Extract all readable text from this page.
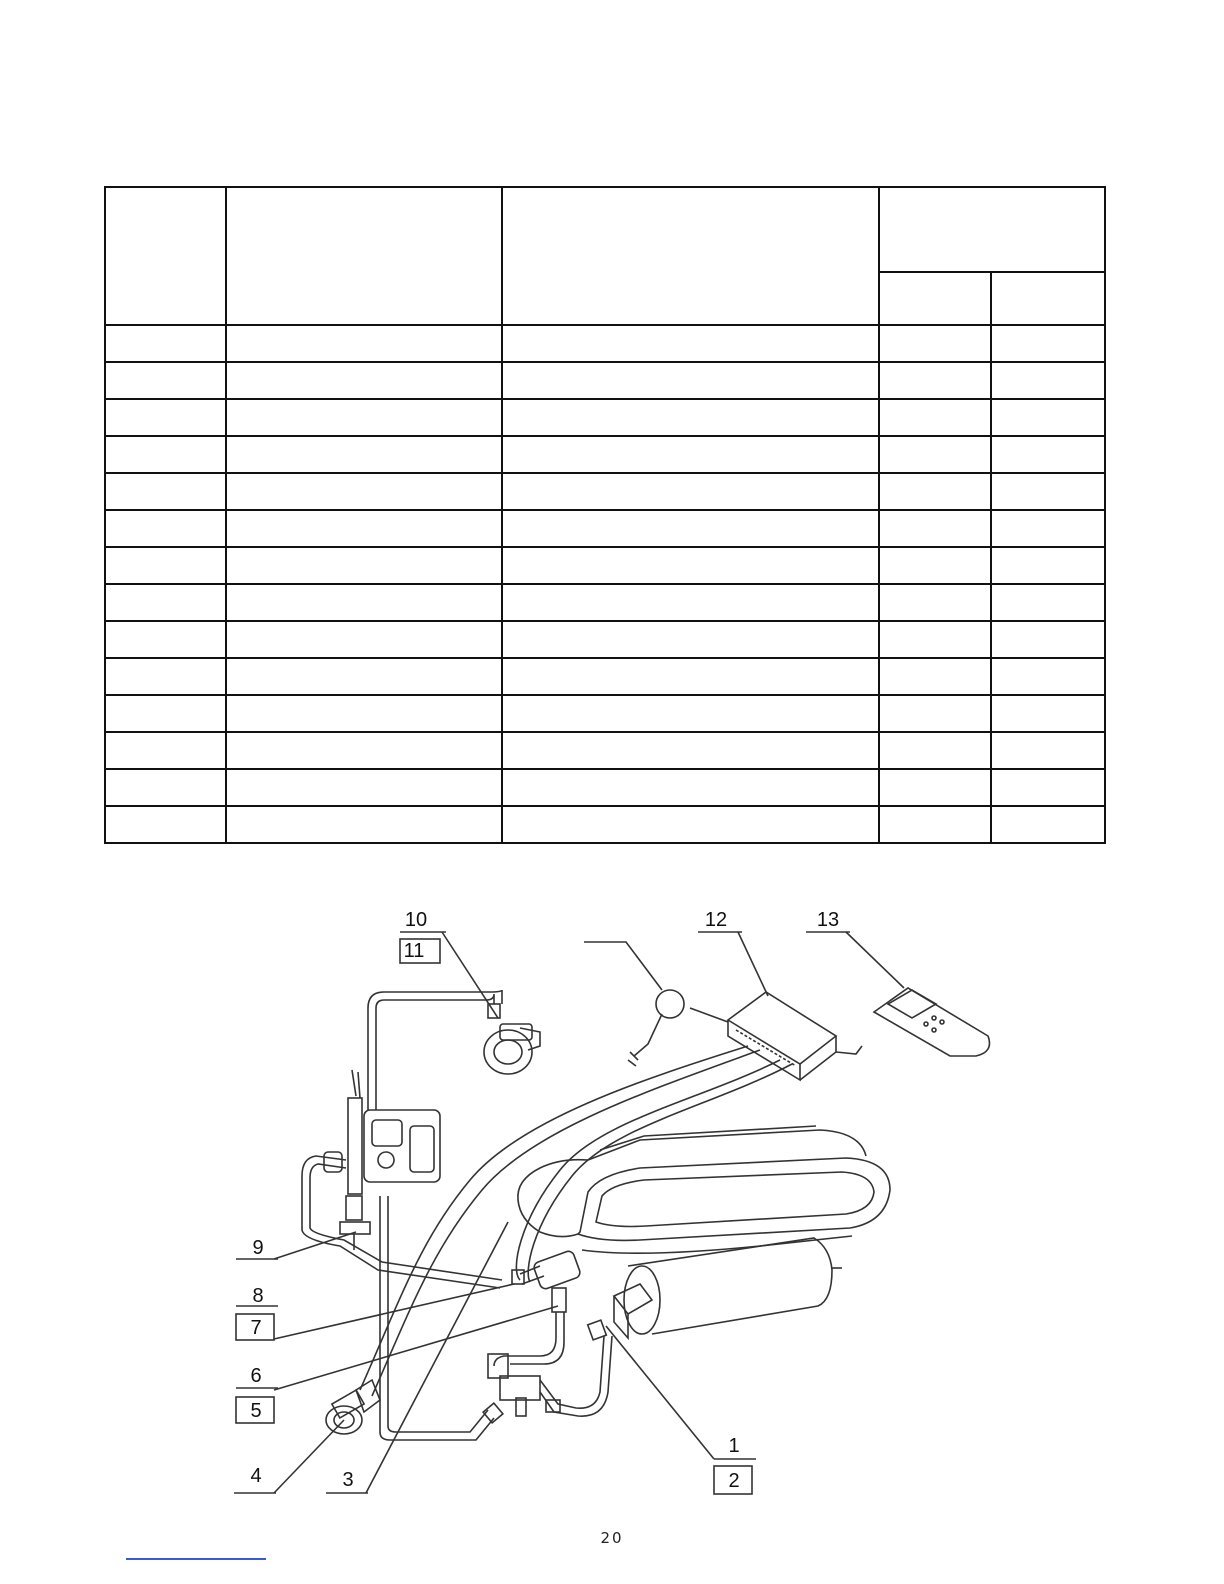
10
11
12	13
9
8
7
6
5
4	3
1
2
20
